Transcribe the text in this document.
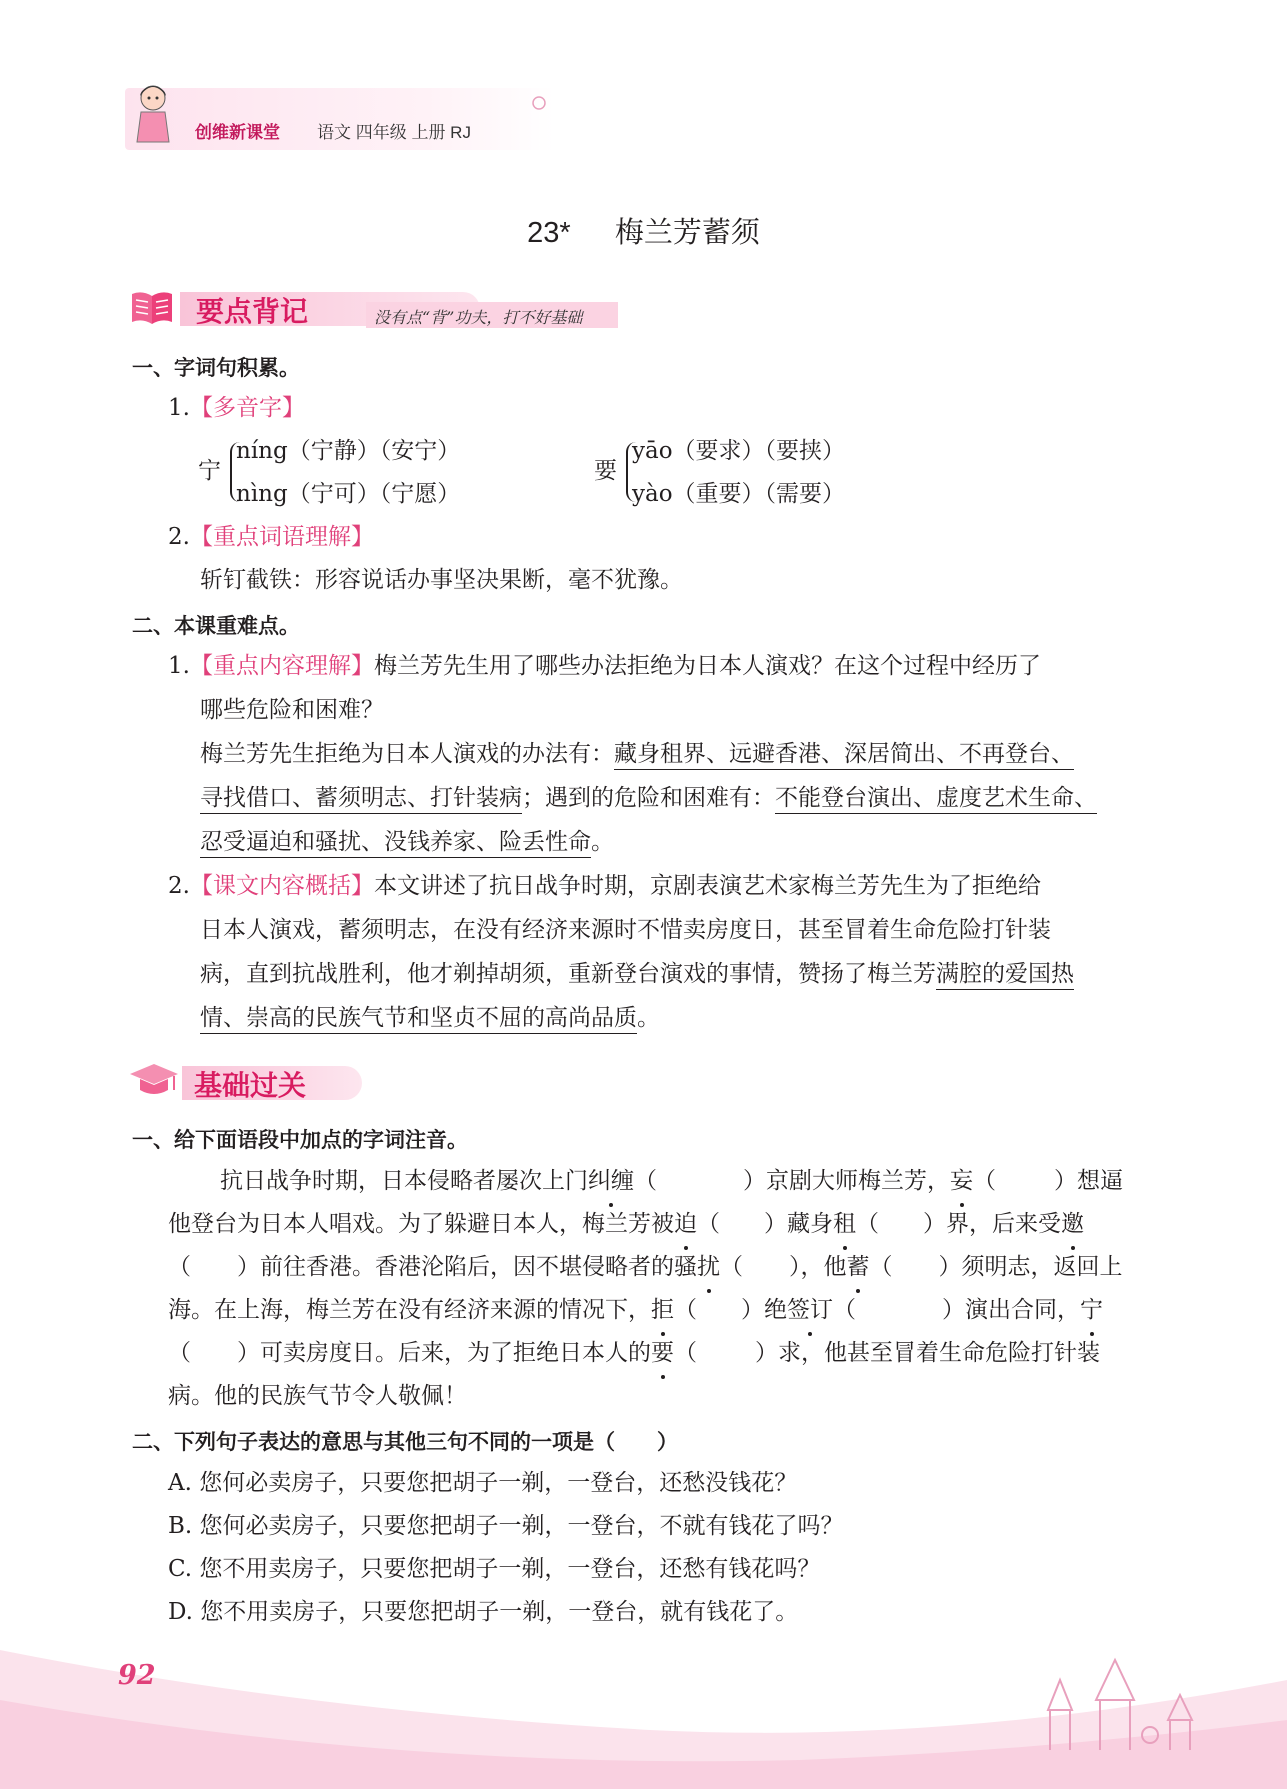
创维新课堂 语文 四年级 上册 RJ
23* 梅兰芳蓄须
要点背记	没有点“背”功夫，打不好基础
一、字词句积累。
1.【多音字】
宁
níng（宁静）（安宁）
nìng（宁可）（宁愿）
要
yāo（要求）（要挟）
yào（重要）（需要）
2.【重点词语理解】
斩钉截铁：形容说话办事坚决果断，毫不犹豫。
二、本课重难点。
1.【重点内容理解】梅兰芳先生用了哪些办法拒绝为日本人演戏？在这个过程中经历了
哪些危险和困难？
梅兰芳先生拒绝为日本人演戏的办法有：藏身租界、远避香港、深居简出、不再登台、
寻找借口、蓄须明志、打针装病；遇到的危险和困难有：不能登台演出、虚度艺术生命、
忍受逼迫和骚扰、没钱养家、险丢性命。
2.【课文内容概括】本文讲述了抗日战争时期，京剧表演艺术家梅兰芳先生为了拒绝给
日本人演戏，蓄须明志，在没有经济来源时不惜卖房度日，甚至冒着生命危险打针装
病，直到抗战胜利，他才剃掉胡须，重新登台演戏的事情，赞扬了梅兰芳满腔的爱国热
情、崇高的民族气节和坚贞不屈的高尚品质。
基础过关
一、给下面语段中加点的字词注音。
抗日战争时期，日本侵略者屡次上门纠缠（	）京剧大师梅兰芳，妄（	）想逼
他登台为日本人唱戏。为了躲避日本人，梅兰芳被迫（ ）藏身租（ ）界，后来受邀
（ ）前往香港。香港沦陷后，因不堪侵略者的骚扰（ ），他蓄（ ）须明志，返回上
海。在上海，梅兰芳在没有经济来源的情况下，拒（ ）绝签订（	）演出合同，宁
（ ）可卖房度日。后来，为了拒绝日本人的要（	）求，他甚至冒着生命危险打针装
病。他的民族气节令人敬佩！
二、下列句子表达的意思与其他三句不同的一项是（　　）
A. 您何必卖房子，只要您把胡子一剃，一登台，还愁没钱花？
B. 您何必卖房子，只要您把胡子一剃，一登台，不就有钱花了吗？
C. 您不用卖房子，只要您把胡子一剃，一登台，还愁有钱花吗？
D. 您不用卖房子，只要您把胡子一剃，一登台，就有钱花了。
92
